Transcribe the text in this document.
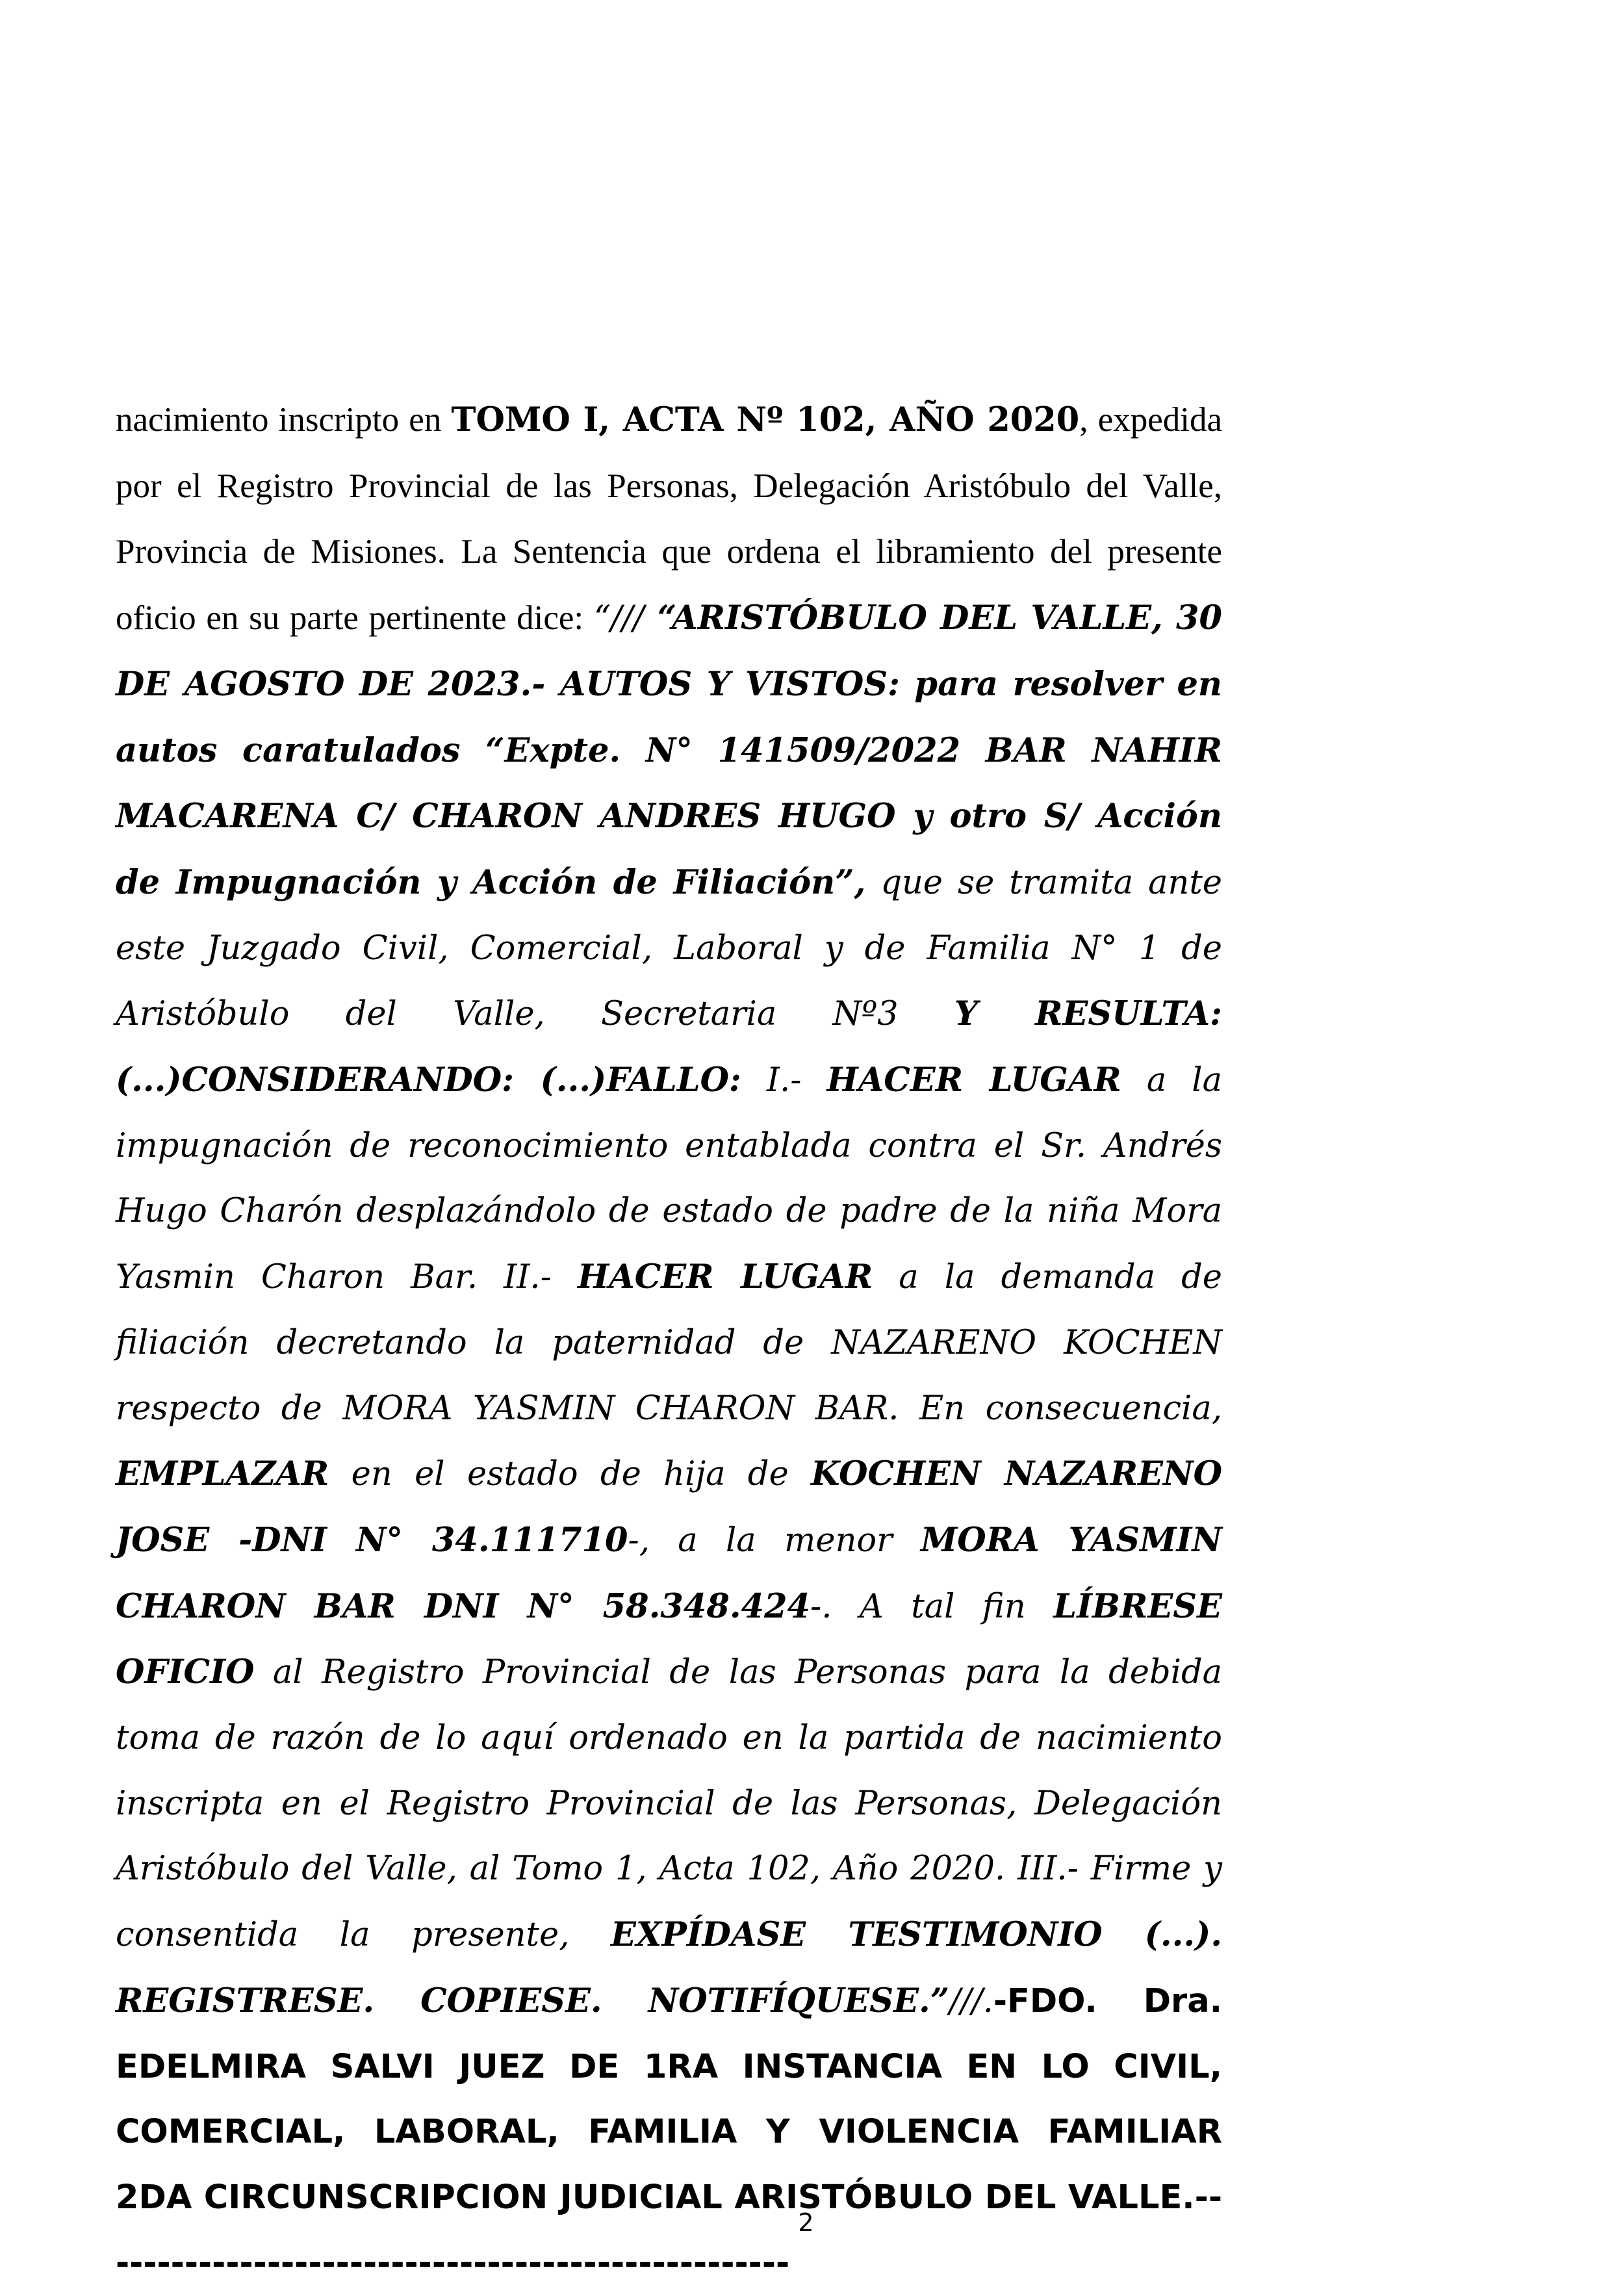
nacimiento inscripto en TOMO I, ACTA Nº 102, AÑO 2020, expedida por el Registro Provincial de las Personas, Delegación Aristóbulo del Valle, Provincia de Misiones. La Sentencia que ordena el libramiento del presente oficio en su parte pertinente dice: “/// “ARISTÓBULO DEL VALLE, 30 DE AGOSTO DE 2023.- AUTOS Y VISTOS: para resolver en autos caratulados “Expte. N° 141509/2022 BAR NAHIR MACARENA C/ CHARON ANDRES HUGO y otro S/ Acción de Impugnación y Acción de Filiación”, que se tramita ante este Juzgado Civil, Comercial, Laboral y de Familia N° 1 de Aristóbulo del Valle, Secretaria Nº3 Y RESULTA: (...)CONSIDERANDO: (...)FALLO: I.- HACER LUGAR a la impugnación de reconocimiento entablada contra el Sr. Andrés Hugo Charón desplazándolo de estado de padre de la niña Mora Yasmin Charon Bar. II.- HACER LUGAR a la demanda de filiación decretando la paternidad de NAZARENO KOCHEN respecto de MORA YASMIN CHARON BAR. En consecuencia, EMPLAZAR en el estado de hija de KOCHEN NAZARENO JOSE -DNI N° 34.111710-, a la menor MORA YASMIN CHARON BAR DNI N° 58.348.424-. A tal fin LÍBRESE OFICIO al Registro Provincial de las Personas para la debida toma de razón de lo aquí ordenado en la partida de nacimiento inscripta en el Registro Provincial de las Personas, Delegación Aristóbulo del Valle, al Tomo 1, Acta 102, Año 2020. III.- Firme y consentida la presente, EXPÍDASE TESTIMONIO (...). REGISTRESE. COPIESE. NOTIFÍQUESE.”///.-FDO. Dra. EDELMIRA SALVI JUEZ DE 1RA INSTANCIA EN LO CIVIL, COMERCIAL, LABORAL, FAMILIA Y VIOLENCIA FAMILIAR 2DA CIRCUNSCRIPCION JUDICIAL ARISTÓBULO DEL VALLE.---------------------------------------------------

2
